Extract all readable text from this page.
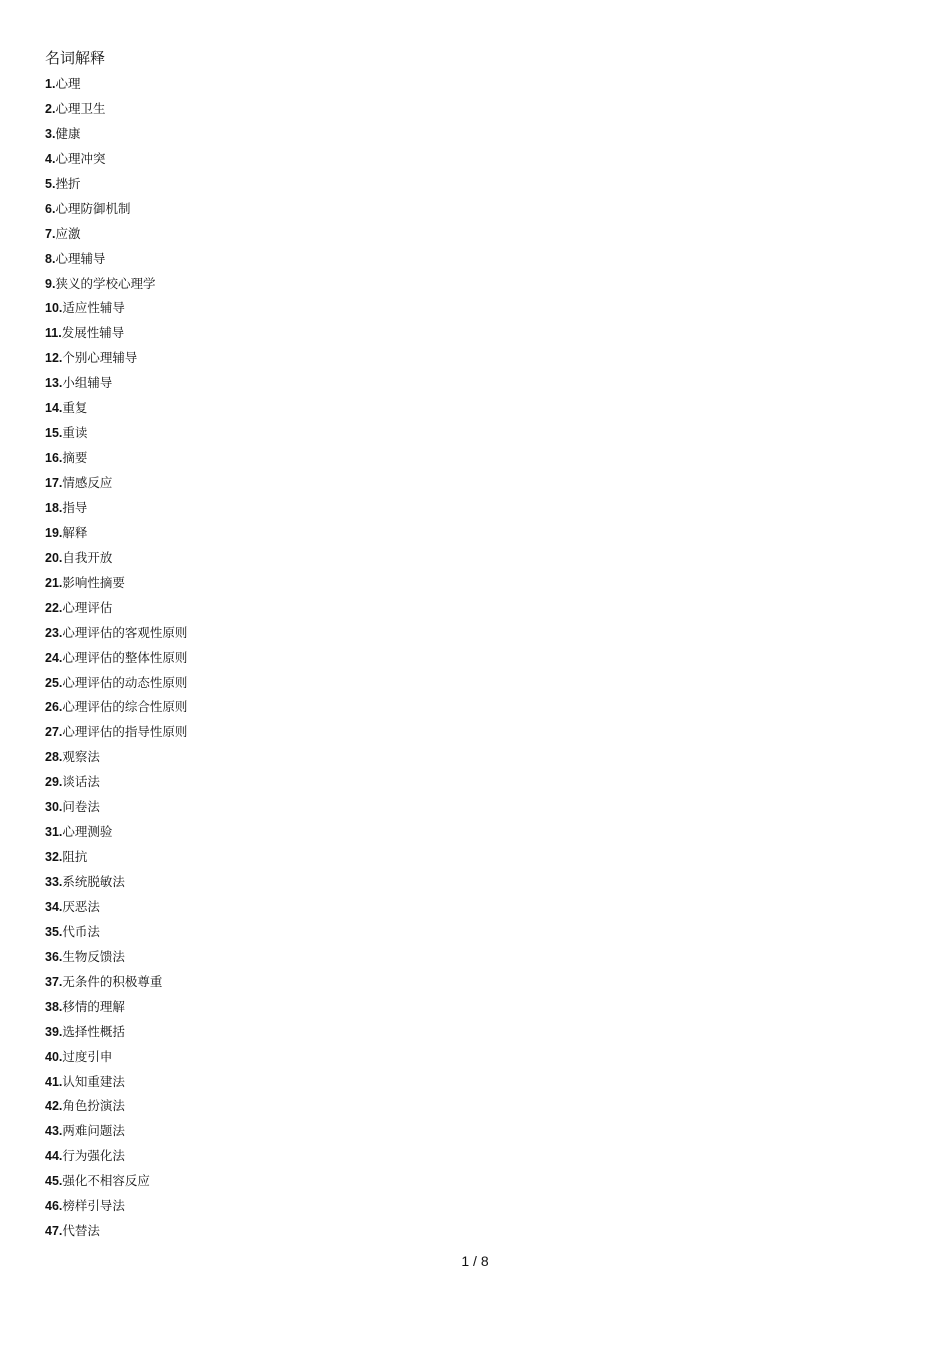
名词解释
1.心理
2.心理卫生
3.健康
4.心理冲突
5.挫折
6.心理防御机制
7.应激
8.心理辅导
9.狭义的学校心理学
10.适应性辅导
11.发展性辅导
12.个别心理辅导
13.小组辅导
14.重复
15.重读
16.摘要
17.情感反应
18.指导
19.解释
20.自我开放
21.影响性摘要
22.心理评估
23.心理评估的客观性原则
24.心理评估的整体性原则
25.心理评估的动态性原则
26.心理评估的综合性原则
27.心理评估的指导性原则
28.观察法
29.谈话法
30.问卷法
31.心理测验
32.阻抗
33.系统脱敏法
34.厌恶法
35.代币法
36.生物反馈法
37.无条件的积极尊重
38.移情的理解
39.选择性概括
40.过度引申
41.认知重建法
42.角色扮演法
43.两难问题法
44.行为强化法
45.强化不相容反应
46.榜样引导法
47.代替法
1 / 8
